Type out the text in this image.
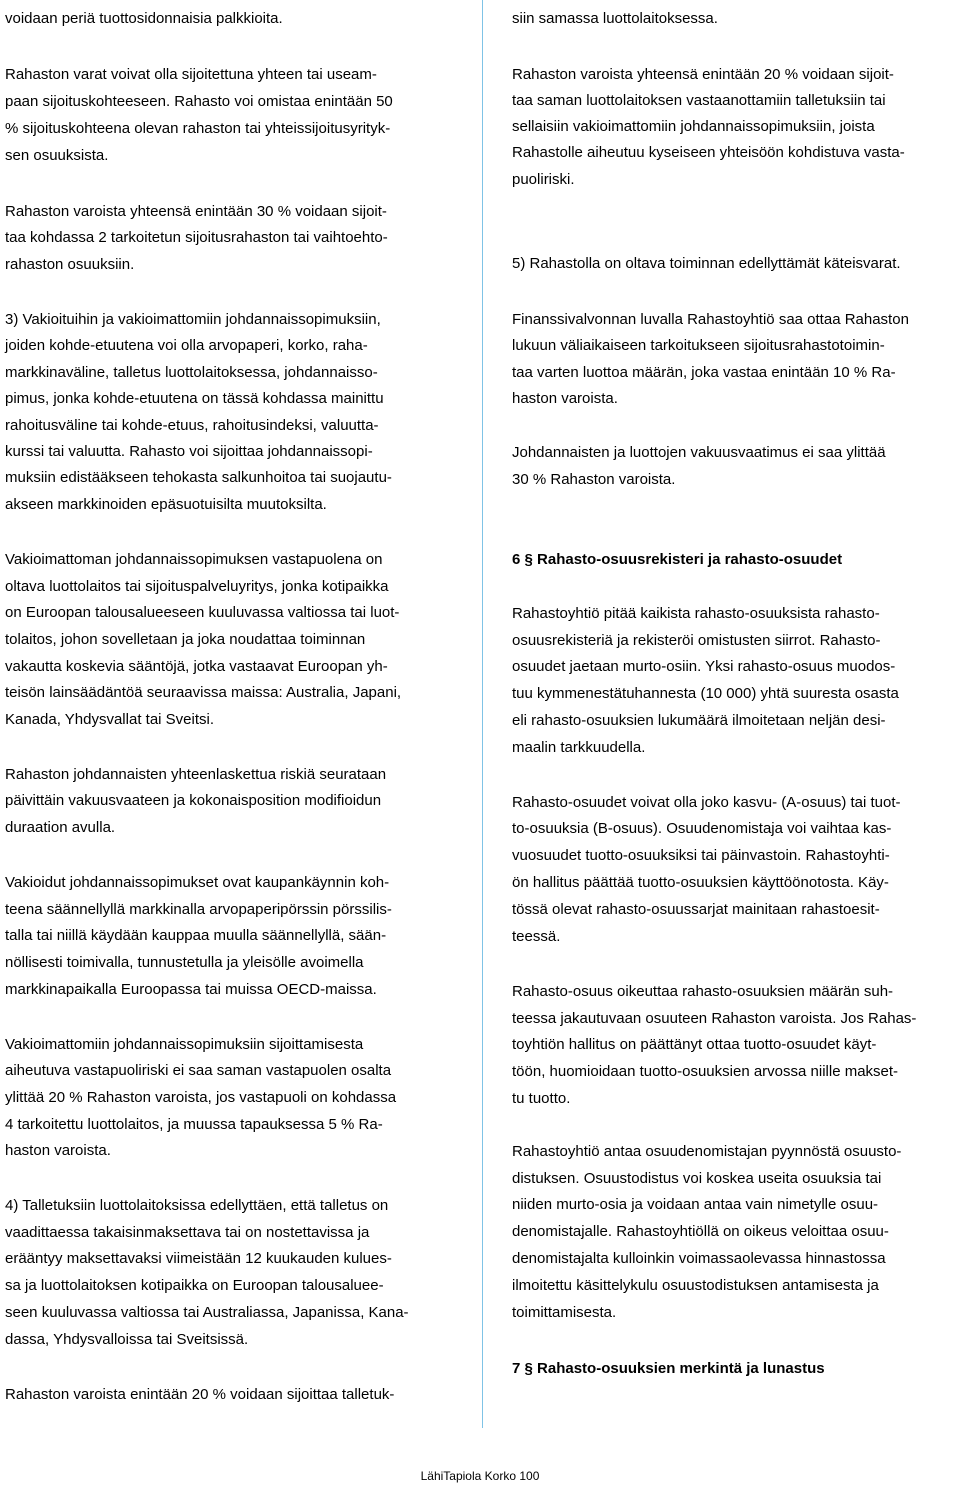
voidaan periä tuottosidonnaisia palkkioita.
Rahaston varat voivat olla sijoitettuna yhteen tai useam-
paan sijoituskohteeseen. Rahasto voi omistaa enintään 50
% sijoituskohteena olevan rahaston tai yhteissijoitusyrityk-
sen osuuksista.
Rahaston varoista yhteensä enintään 30 % voidaan sijoit-
taa kohdassa 2 tarkoitetun sijoitusrahaston tai vaihtoehto-
rahaston osuuksiin.
3) Vakioituihin ja vakioimattomiin johdannaissopimuksiin,
joiden kohde-etuutena voi olla arvopaperi, korko, raha-
markkinaväline, talletus luottolaitoksessa, johdannaisso-
pimus, jonka kohde-etuutena on tässä kohdassa mainittu
rahoitusväline tai kohde-etuus, rahoitusindeksi, valuutta-
kurssi tai valuutta. Rahasto voi sijoittaa johdannaissopi-
muksiin edistääkseen tehokasta salkunhoitoa tai suojautu-
akseen markkinoiden epäsuotuisilta muutoksilta.
Vakioimattoman johdannaissopimuksen vastapuolena on
oltava luottolaitos tai sijoituspalveluyritys, jonka kotipaikka
on Euroopan talousalueeseen kuuluvassa valtiossa tai luot-
tolaitos, johon sovelletaan ja joka noudattaa toiminnan
vakautta koskevia sääntöjä, jotka vastaavat Euroopan yh-
teisön lainsäädäntöä seuraavissa maissa: Australia, Japani,
Kanada, Yhdysvallat tai Sveitsi.
Rahaston johdannaisten yhteenlaskettua riskiä seurataan
päivittäin vakuusvaateen ja kokonaisposition modifioidun
duraation avulla.
Vakioidut johdannaissopimukset ovat kaupankäynnin koh-
teena säännellyllä markkinalla arvopaperipörssin pörssilis-
talla tai niillä käydään kauppaa muulla säännellyllä, sään-
nöllisesti toimivalla, tunnustetulla ja yleisölle avoimella
markkinapaikalla Euroopassa tai muissa OECD-maissa.
Vakioimattomiin johdannaissopimuksiin sijoittamisesta
aiheutuva vastapuoliriski ei saa saman vastapuolen osalta
ylittää 20 % Rahaston varoista, jos vastapuoli on kohdassa
4 tarkoitettu luottolaitos, ja muussa tapauksessa 5 % Ra-
haston varoista.
4) Talletuksiin luottolaitoksissa edellyttäen, että talletus on
vaadittaessa takaisinmaksettava tai on nostettavissa ja
erääntyy maksettavaksi viimeistään 12 kuukauden kulues-
sa ja luottolaitoksen kotipaikka on Euroopan talousaluee-
seen kuuluvassa valtiossa tai Australiassa, Japanissa, Kana-
dassa, Yhdysvalloissa tai Sveitsissä.
Rahaston varoista enintään 20 % voidaan sijoittaa talletuk-
siin samassa luottolaitoksessa.
Rahaston varoista yhteensä enintään 20 % voidaan sijoit-
taa saman luottolaitoksen vastaanottamiin talletuksiin tai
sellaisiin vakioimattomiin johdannaissopimuksiin, joista
Rahastolle aiheutuu kyseiseen yhteisöön kohdistuva vasta-
puoliriski.
5) Rahastolla on oltava toiminnan edellyttämät käteisvarat.
Finanssivalvonnan luvalla Rahastoyhtiö saa ottaa Rahaston
lukuun väliaikaiseen tarkoitukseen sijoitusrahastotoimin-
taa varten luottoa määrän, joka vastaa enintään 10 % Ra-
haston varoista.
Johdannaisten ja luottojen vakuusvaatimus ei saa ylittää
30 % Rahaston varoista.
6 § Rahasto-osuusrekisteri ja rahasto-osuudet
Rahastoyhtiö pitää kaikista rahasto-osuuksista rahasto-
osuusrekisteriä ja rekisteröi omistusten siirrot. Rahasto-
osuudet jaetaan murto-osiin. Yksi rahasto-osuus muodos-
tuu kymmenestätuhannesta (10 000) yhtä suuresta osasta
eli rahasto-osuuksien lukumäärä ilmoitetaan neljän desi-
maalin tarkkuudella.
Rahasto-osuudet voivat olla joko kasvu- (A-osuus) tai tuot-
to-osuuksia (B-osuus). Osuudenomistaja voi vaihtaa kas-
vuosuudet tuotto-osuuksiksi tai päinvastoin. Rahastoyhti-
ön hallitus päättää tuotto-osuuksien käyttöönotosta. Käy-
tössä olevat rahasto-osuussarjat mainitaan rahastoesit-
teessä.
Rahasto-osuus oikeuttaa rahasto-osuuksien määrän suh-
teessa jakautuvaan osuuteen Rahaston varoista. Jos Rahas-
toyhtiön hallitus on päättänyt ottaa tuotto-osuudet käyt-
töön, huomioidaan tuotto-osuuksien arvossa niille makset-
tu tuotto.
Rahastoyhtiö antaa osuudenomistajan pyynnöstä osuusto-
distuksen. Osuustodistus voi koskea useita osuuksia tai
niiden murto-osia ja voidaan antaa vain nimetylle osuu-
denomistajalle. Rahastoyhtiöllä on oikeus veloittaa osuu-
denomistajalta kulloinkin voimassaolevassa hinnastossa
ilmoitettu käsittelykulu osuustodistuksen antamisesta ja
toimittamisesta.
7 § Rahasto-osuuksien merkintä ja lunastus
LähiTapiola Korko 100
